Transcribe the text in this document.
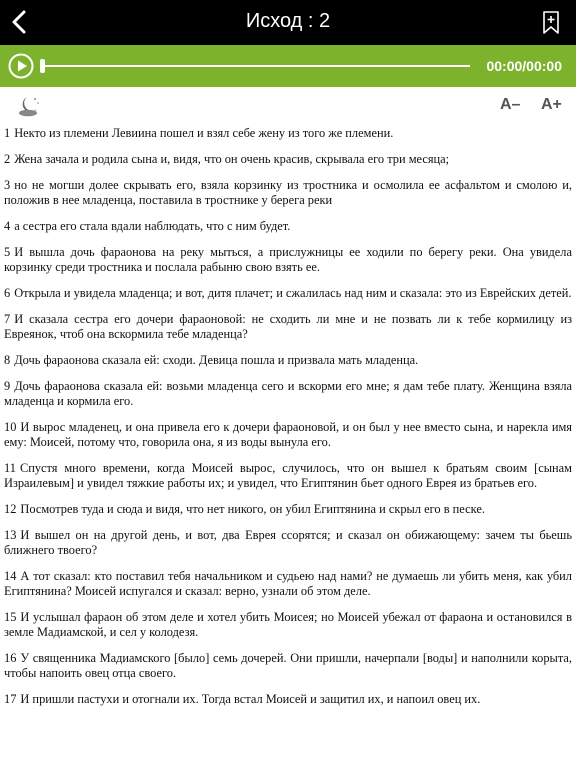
Исход : 2
00:00/00:00
A– A+

1 Некто из племени Левиина пошел и взял себе жену из того же племени.

2 Жена зачала и родила сына и, видя, что он очень красив, скрывала его три месяца;

3 но не могши долее скрывать его, взяла корзинку из тростника и осмолила ее асфальтом и смолою и, положив в нее младенца, поставила в тростнике у берега реки

4 а сестра его стала вдали наблюдать, что с ним будет.

5 И вышла дочь фараонова на реку мыться, а прислужницы ее ходили по берегу реки. Она увидела корзинку среди тростника и послала рабыню свою взять ее.

6 Открыла и увидела младенца; и вот, дитя плачет; и сжалилась над ним и сказала: это из Еврейских детей.

7 И сказала сестра его дочери фараоновой: не сходить ли мне и не позвать ли к тебе кормилицу из Евреянок, чтоб она вскормила тебе младенца?

8 Дочь фараонова сказала ей: сходи. Девица пошла и призвала мать младенца.

9 Дочь фараонова сказала ей: возьми младенца сего и вскорми его мне; я дам тебе плату. Женщина взяла младенца и кормила его.

10 И вырос младенец, и она привела его к дочери фараоновой, и он был у нее вместо сына, и нарекла имя ему: Моисей, потому что, говорила она, я из воды вынула его.

11 Спустя много времени, когда Моисей вырос, случилось, что он вышел к братьям своим [сынам Израилевым] и увидел тяжкие работы их; и увидел, что Египтянин бьет одного Еврея из братьев его.

12 Посмотрев туда и сюда и видя, что нет никого, он убил Египтянина и скрыл его в песке.

13 И вышел он на другой день, и вот, два Еврея ссорятся; и сказал он обижающему: зачем ты бьешь ближнего твоего?

14 А тот сказал: кто поставил тебя начальником и судьею над нами? не думаешь ли убить меня, как убил Египтянина? Моисей испугался и сказал: верно, узнали об этом деле.

15 И услышал фараон об этом деле и хотел убить Моисея; но Моисей убежал от фараона и остановился в земле Мадиамской, и сел у колодезя.

16 У священника Мадиамского [было] семь дочерей. Они пришли, начерпали [воды] и наполнили корыта, чтобы напоить овец отца своего.

17 И пришли пастухи и отогнали их. Тогда встал Моисей и защитил их, и напоил овец их.
